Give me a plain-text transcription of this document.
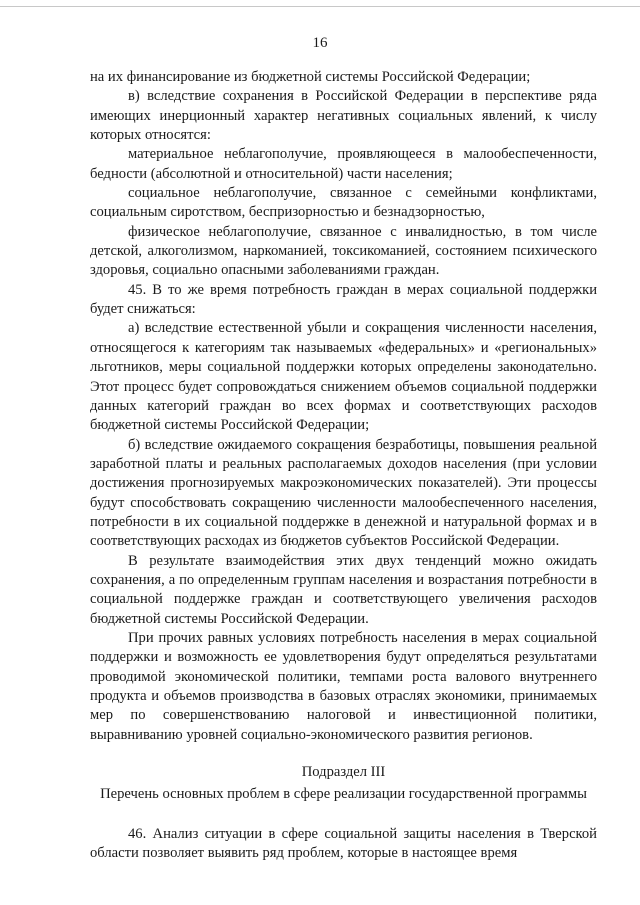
16

на их финансирование из бюджетной системы Российской Федерации;

в) вследствие сохранения в Российской Федерации в перспективе ряда имеющих инерционный характер негативных социальных явлений, к числу которых относятся:

материальное неблагополучие, проявляющееся в малообеспеченности, бедности (абсолютной и относительной) части населения;

социальное неблагополучие, связанное с семейными конфликтами, социальным сиротством, беспризорностью и безнадзорностью,

физическое неблагополучие, связанное с инвалидностью, в том числе детской, алкоголизмом, наркоманией, токсикоманией, состоянием психического здоровья, социально опасными заболеваниями граждан.

45. В то же время потребность граждан в мерах социальной поддержки будет снижаться:

а) вследствие естественной убыли и сокращения численности населения, относящегося к категориям так называемых «федеральных» и «региональных» льготников, меры социальной поддержки которых определены законодательно. Этот процесс будет сопровождаться снижением объемов социальной поддержки данных категорий граждан во всех формах и соответствующих расходов бюджетной системы Российской Федерации;

б) вследствие ожидаемого сокращения безработицы, повышения реальной заработной платы и реальных располагаемых доходов населения (при условии достижения прогнозируемых макроэкономических показателей). Эти процессы будут способствовать сокращению численности малообеспеченного населения, потребности в их социальной поддержке в денежной и натуральной формах и в соответствующих расходах из бюджетов субъектов Российской Федерации.

В результате взаимодействия этих двух тенденций можно ожидать сохранения, а по определенным группам населения и возрастания потребности в социальной поддержке граждан и соответствующего увеличения расходов бюджетной системы Российской Федерации.

При прочих равных условиях потребность населения в мерах социальной поддержки и возможность ее удовлетворения будут определяться результатами проводимой экономической политики, темпами роста валового внутреннего продукта и объемов производства в базовых отраслях экономики, принимаемых мер по совершенствованию налоговой и инвестиционной политики, выравниванию уровней социально-экономического развития регионов.

Подраздел III

Перечень основных проблем в сфере реализации государственной программы

46. Анализ ситуации в сфере социальной защиты населения в Тверской области позволяет выявить ряд проблем, которые в настоящее время
